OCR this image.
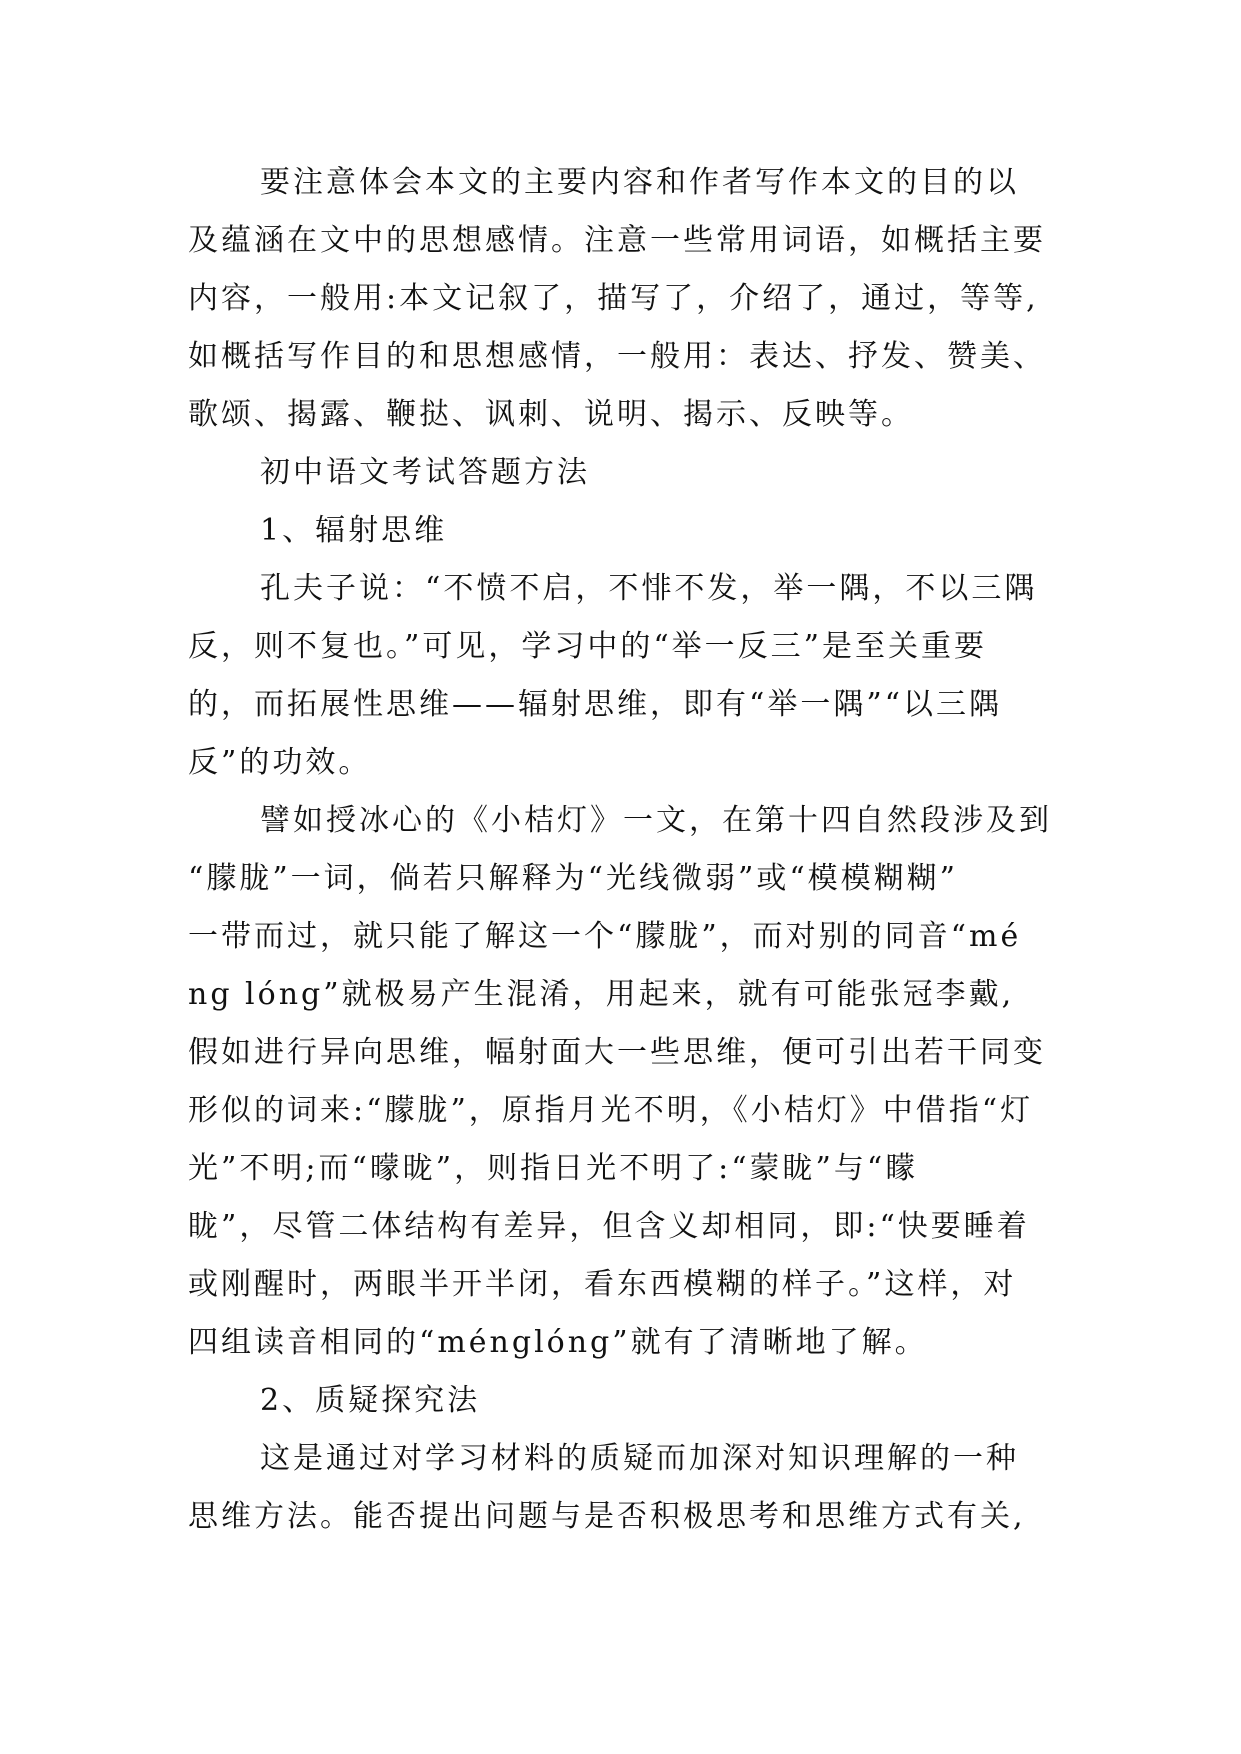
要注意体会本文的主要内容和作者写作本文的目的以
及蕴涵在文中的思想感情。注意一些常用词语，如概括主要
内容，一般用:本文记叙了，描写了，介绍了，通过，等等,
如概括写作目的和思想感情，一般用：表达、抒发、赞美、
歌颂、揭露、鞭挞、讽刺、说明、揭示、反映等。
初中语文考试答题方法
1、辐射思维
孔夫子说：“不愤不启，不悱不发，举一隅，不以三隅
反，则不复也。”可见，学习中的“举一反三”是至关重要
的，而拓展性思维——辐射思维，即有“举一隅”“以三隅
反”的功效。
譬如授冰心的《小桔灯》一文，在第十四自然段涉及到
“朦胧”一词，倘若只解释为“光线微弱”或“模模糊糊”
一带而过，就只能了解这一个“朦胧”，而对别的同音“mé
ng lóng”就极易产生混淆，用起来，就有可能张冠李戴,
假如进行异向思维，幅射面大一些思维，便可引出若干同变
形似的词来:“朦胧”，原指月光不明，《小桔灯》中借指“灯
光”不明;而“曚昽”，则指日光不明了:“蒙眬”与“矇
眬”，尽管二体结构有差异，但含义却相同，即:“快要睡着
或刚醒时，两眼半开半闭，看东西模糊的样子。”这样，对
四组读音相同的“ménglóng”就有了清晰地了解。
2、质疑探究法
这是通过对学习材料的质疑而加深对知识理解的一种
思维方法。能否提出问题与是否积极思考和思维方式有关,
